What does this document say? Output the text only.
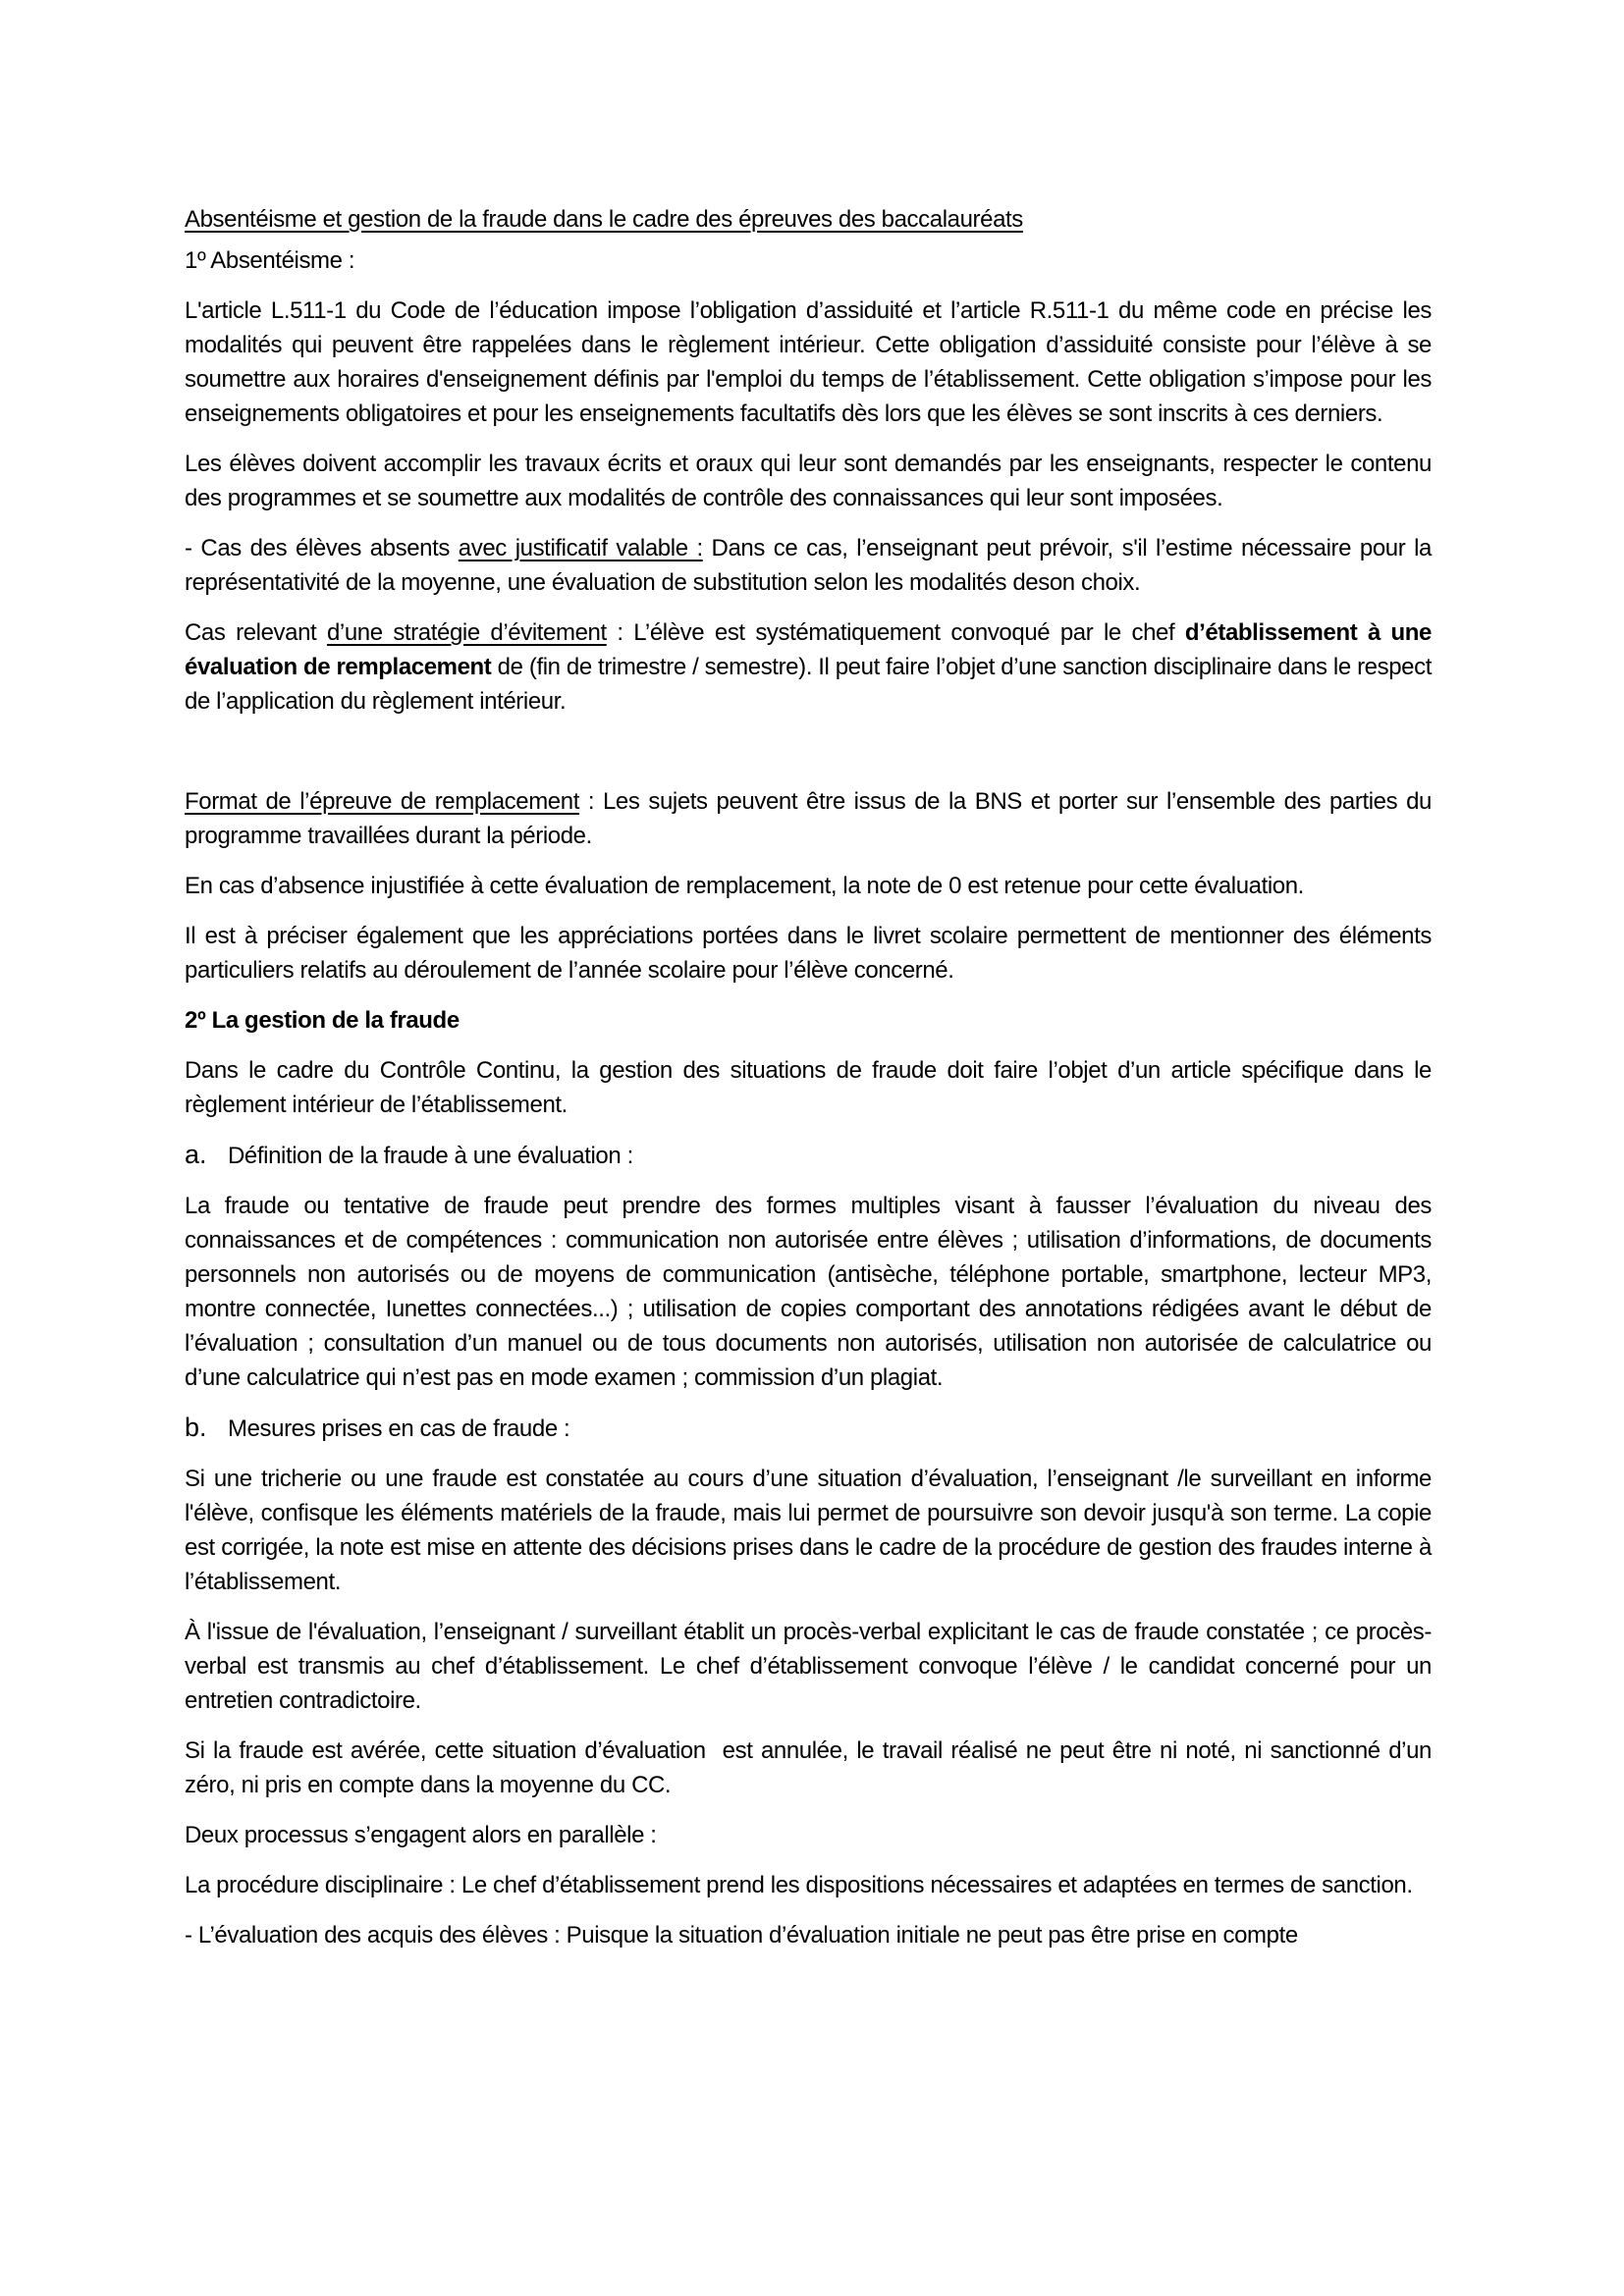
Absentéisme et gestion de la fraude dans le cadre des épreuves des baccalauréats

1º Absentéisme :

L'article L.511-1 du Code de l’éducation impose l’obligation d’assiduité et l’article R.511-1 du même code en précise les modalités qui peuvent être rappelées dans le règlement intérieur. Cette obligation d’assiduité consiste pour l’élève à se soumettre aux horaires d'enseignement définis par l'emploi du temps de l’établissement. Cette obligation s’impose pour les enseignements obligatoires et pour les enseignements facultatifs dès lors que les élèves se sont inscrits à ces derniers.

Les élèves doivent accomplir les travaux écrits et oraux qui leur sont demandés par les enseignants, respecter le contenu des programmes et se soumettre aux modalités de contrôle des connaissances qui leur sont imposées.

- Cas des élèves absents avec justificatif valable : Dans ce cas, l’enseignant peut prévoir, s'il l’estime nécessaire pour la représentativité de la moyenne, une évaluation de substitution selon les modalités deson choix.

Cas relevant d’une stratégie d’évitement : L’élève est systématiquement convoqué par le chef d’établissement à une évaluation de remplacement de (fin de trimestre / semestre). Il peut faire l’objet d’une sanction disciplinaire dans le respect de l’application du règlement intérieur.

Format de l’épreuve de remplacement : Les sujets peuvent être issus de la BNS et porter sur l’ensemble des parties du programme travaillées durant la période.

En cas d’absence injustifiée à cette évaluation de remplacement, la note de 0 est retenue pour cette évaluation.

Il est à préciser également que les appréciations portées dans le livret scolaire permettent de mentionner des éléments particuliers relatifs au déroulement de l’année scolaire pour l’élève concerné.

2º La gestion de la fraude

Dans le cadre du Contrôle Continu, la gestion des situations de fraude doit faire l’objet d’un article spécifique dans le règlement intérieur de l’établissement.

a. Définition de la fraude à une évaluation :

La fraude ou tentative de fraude peut prendre des formes multiples visant à fausser l’évaluation du niveau des connaissances et de compétences : communication non autorisée entre élèves ; utilisation d’informations, de documents personnels non autorisés ou de moyens de communication (antisèche, téléphone portable, smartphone, lecteur MP3, montre connectée, Iunettes connectées...) ; utilisation de copies comportant des annotations rédigées avant le début de l’évaluation ; consultation d’un manuel ou de tous documents non autorisés, utilisation non autorisée de calculatrice ou d’une calculatrice qui n’est pas en mode examen ; commission d’un plagiat.

b. Mesures prises en cas de fraude :

Si une tricherie ou une fraude est constatée au cours d’une situation d’évaluation, l’enseignant /le surveillant en informe l'élève, confisque les éléments matériels de la fraude, mais lui permet de poursuivre son devoir jusqu'à son terme. La copie est corrigée, la note est mise en attente des décisions prises dans le cadre de la procédure de gestion des fraudes interne à l’établissement.

À l'issue de l'évaluation, l’enseignant / surveillant établit un procès-verbal explicitant le cas de fraude constatée ; ce procès-verbal est transmis au chef d’établissement. Le chef d’établissement convoque l’élève / le candidat concerné pour un entretien contradictoire.

Si la fraude est avérée, cette situation d’évaluation  est annulée, le travail réalisé ne peut être ni noté, ni sanctionné d’un zéro, ni pris en compte dans la moyenne du CC.

Deux processus s’engagent alors en parallèle :

La procédure disciplinaire : Le chef d’établissement prend les dispositions nécessaires et adaptées en termes de sanction.

- L’évaluation des acquis des élèves : Puisque la situation d’évaluation initiale ne peut pas être prise en compte
